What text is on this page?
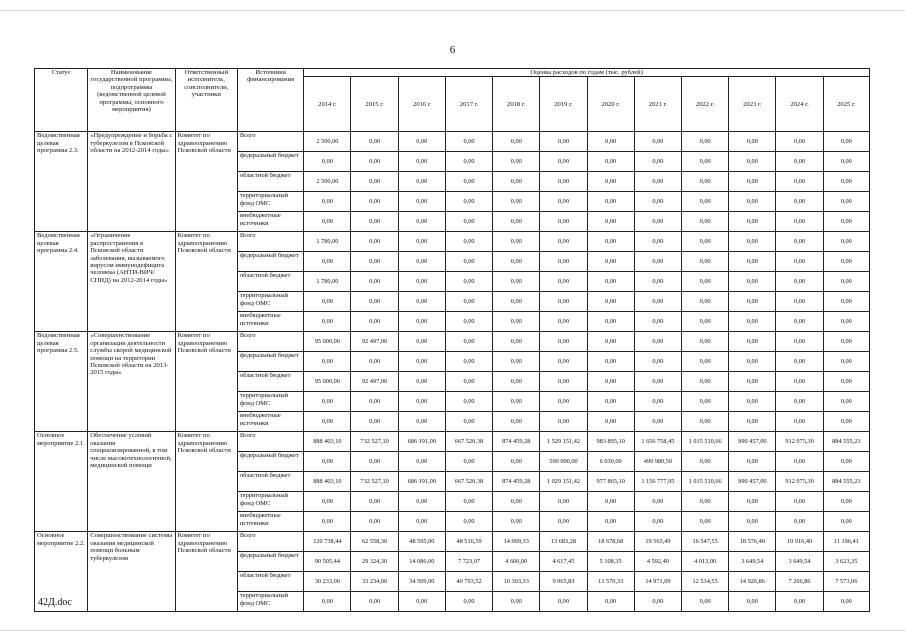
6
Статус	Наименование государственной программы, подпрограммы (ведомственной целевой программы, основного мероприятия)	Ответственный исполнитель, соисполнители, участники	Источники финансирования	Оценка расходов по годам (тыс. рублей)											
				2014 г.	2015 г.	2016 г	2017 г.	2018 г.	2019 г.	2020 г.	2021 г.	2022 г.	2023 г.	2024 г.	2025 г.
Ведомственная целевая программа 2.3.	«Предупреждение и борьба с туберкулезом в Псковской области на 2012-2014 годы»	Комитет по здравоохранению Псковской области	Всего	2 500,00	0,00	0,00	0,00	0,00	0,00	0,00	0,00	0,00	0,00	0,00	0,00
			федеральный бюджет	0,00	0,00	0,00	0,00	0,00	0,00	0,00	0,00	0,00	0,00	0,00	0,00
			областной бюджет	2 500,00	0,00	0,00	0,00	0,00	0,00	0,00	0,00	0,00	0,00	0,00	0,00
			территориальный фонд ОМС	0,00	0,00	0,00	0,00	0,00	0,00	0,00	0,00	0,00	0,00	0,00	0,00
			внебюджетные источники	0,00	0,00	0,00	0,00	0,00	0,00	0,00	0,00	0,00	0,00	0,00	0,00
Ведомственная целевая программа 2.4.	«Ограничение распространения в Псковской области заболевания, вызываемого вирусом иммунодефицита человека (АНТИ-ВИЧ/СПИД) на 2012-2014 годы»	Комитет по здравоохранению Псковской области	Всего	1 780,00	0,00	0,00	0,00	0,00	0,00	0,00	0,00	0,00	0,00	0,00	0,00
			федеральный бюджет	0,00	0,00	0,00	0,00	0,00	0,00	0,00	0,00	0,00	0,00	0,00	0,00
			областной бюджет	1 780,00	0,00	0,00	0,00	0,00	0,00	0,00	0,00	0,00	0,00	0,00	0,00
			территориальный фонд ОМС	0,00	0,00	0,00	0,00	0,00	0,00	0,00	0,00	0,00	0,00	0,00	0,00
			внебюджетные источники	0,00	0,00	0,00	0,00	0,00	0,00	0,00	0,00	0,00	0,00	0,00	0,00
Ведомственная целевая программа 2.5.	«Совершенствование организации деятельности службы скорой медицинской помощи на территории Псковской области на 2013-2015 годы»	Комитет по здравоохранению Псковской области	Всего	95 000,00	92 497,00	0,00	0,00	0,00	0,00	0,00	0,00	0,00	0,00	0,00	0,00
			федеральный бюджет	0,00	0,00	0,00	0,00	0,00	0,00	0,00	0,00	0,00	0,00	0,00	0,00
			областной бюджет	95 000,00	92 497,00	0,00	0,00	0,00	0,00	0,00	0,00	0,00	0,00	0,00	0,00
			территориальный фонд ОМС	0,00	0,00	0,00	0,00	0,00	0,00	0,00	0,00	0,00	0,00	0,00	0,00
			внебюджетные источники	0,00	0,00	0,00	0,00	0,00	0,00	0,00	0,00	0,00	0,00	0,00	0,00
Основное мероприятие 2.1.	Обеспечение условий оказания специализированной, в том числе высокотехнологичной, медицинской помощи	Комитет по здравоохранению Псковской области	Всего	888 403,10	732 527,10	686 191,00	667 520,38	874 459,28	1 529 151,42	983 895,10	1 656 758,45	1 015 510,66	990 457,00	912 075,30	884 555,23
			федеральный бюджет	0,00	0,00	0,00	0,00	0,00	500 000,00	6 030,00	499 980,50	0,00	0,00	0,00	0,00
			областной бюджет	888 403,10	732 527,10	686 191,00	667 520,38	874 459,28	1 029 151,42	977 865,10	1 156 777,95	1 015 510,66	990 457,00	912 075,30	884 555,23
			территориальный фонд ОМС	0,00	0,00	0,00	0,00	0,00	0,00	0,00	0,00	0,00	0,00	0,00	0,00
			внебюджетные источники	0,00	0,00	0,00	0,00	0,00	0,00	0,00	0,00	0,00	0,00	0,00	0,00
Основное мероприятие 2.2.	Совершенствование системы оказания медицинской помощи больным туберкулезом	Комитет по здравоохранению Псковской области	Всего	120 738,44	62 558,30	48 595,00	48 516,59	14 909,33	13 683,28	18 678,68	19 563,49	16 547,55	18 576,40	10 916,40	11 196,41
			федеральный бюджет	90 505,44	29 324,30	14 086,00	7 723,07	4 606,00	4 617,45	5 108,35	4 592,40	4 013,00	3 649,54	3 649,54	3 623,35
			областной бюджет	30 233,00	33 234,00	34 509,00	40 793,52	10 303,33	9 065,83	13 570,33	14 971,09	12 534,55	14 926,86	7 266,86	7 573,06
			территориальный фонд ОМС	0,00	0,00	0,00	0,00	0,00	0,00	0,00	0,00	0,00	0,00	0,00	0,00
42Д.doc
